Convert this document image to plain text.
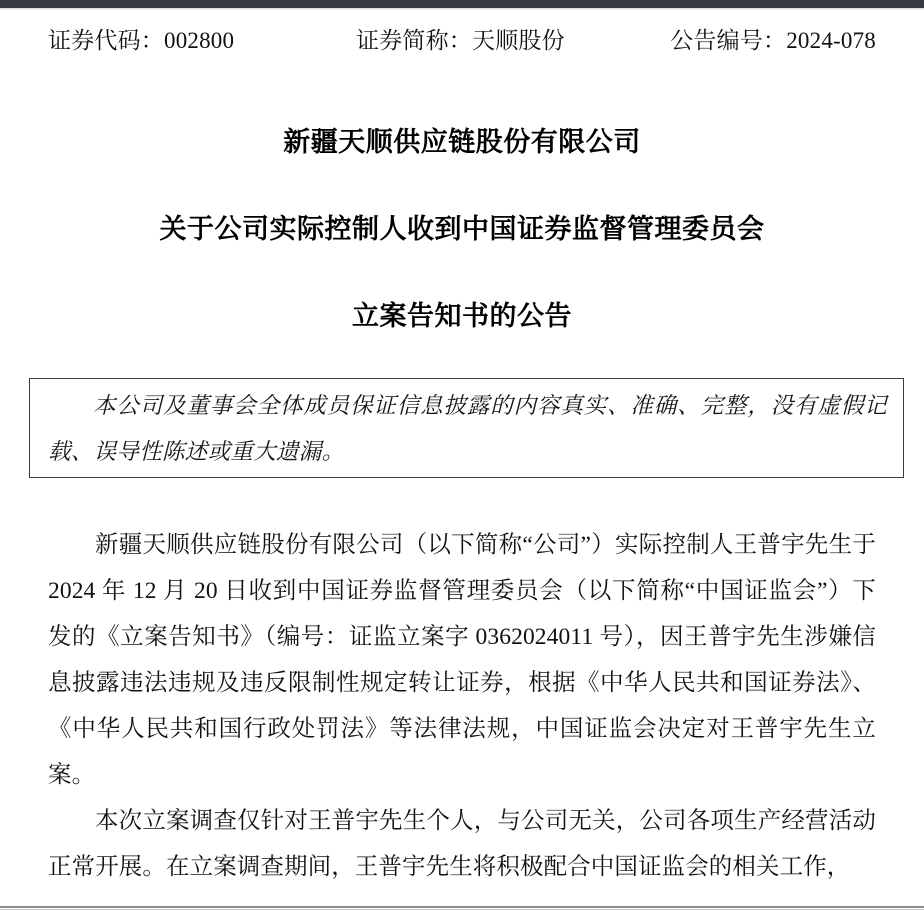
证券代码：002800	证券简称：天顺股份	公告编号：2024-078
新疆天顺供应链股份有限公司
关于公司实际控制人收到中国证券监督管理委员会
立案告知书的公告
本公司及董事会全体成员保证信息披露的内容真实、准确、完整，没有虚假记载、误导性陈述或重大遗漏。

新疆天顺供应链股份有限公司（以下简称“公司”）实际控制人王普宇先生于 2024 年 12 月 20 日收到中国证券监督管理委员会（以下简称“中国证监会”）下发的《立案告知书》（编号：证监立案字 0362024011 号），因王普宇先生涉嫌信息披露违法违规及违反限制性规定转让证券，根据《中华人民共和国证券法》、《中华人民共和国行政处罚法》等法律法规，中国证监会决定对王普宇先生立案。

本次立案调查仅针对王普宇先生个人，与公司无关，公司各项生产经营活动正常开展。在立案调查期间，王普宇先生将积极配合中国证监会的相关工作，
